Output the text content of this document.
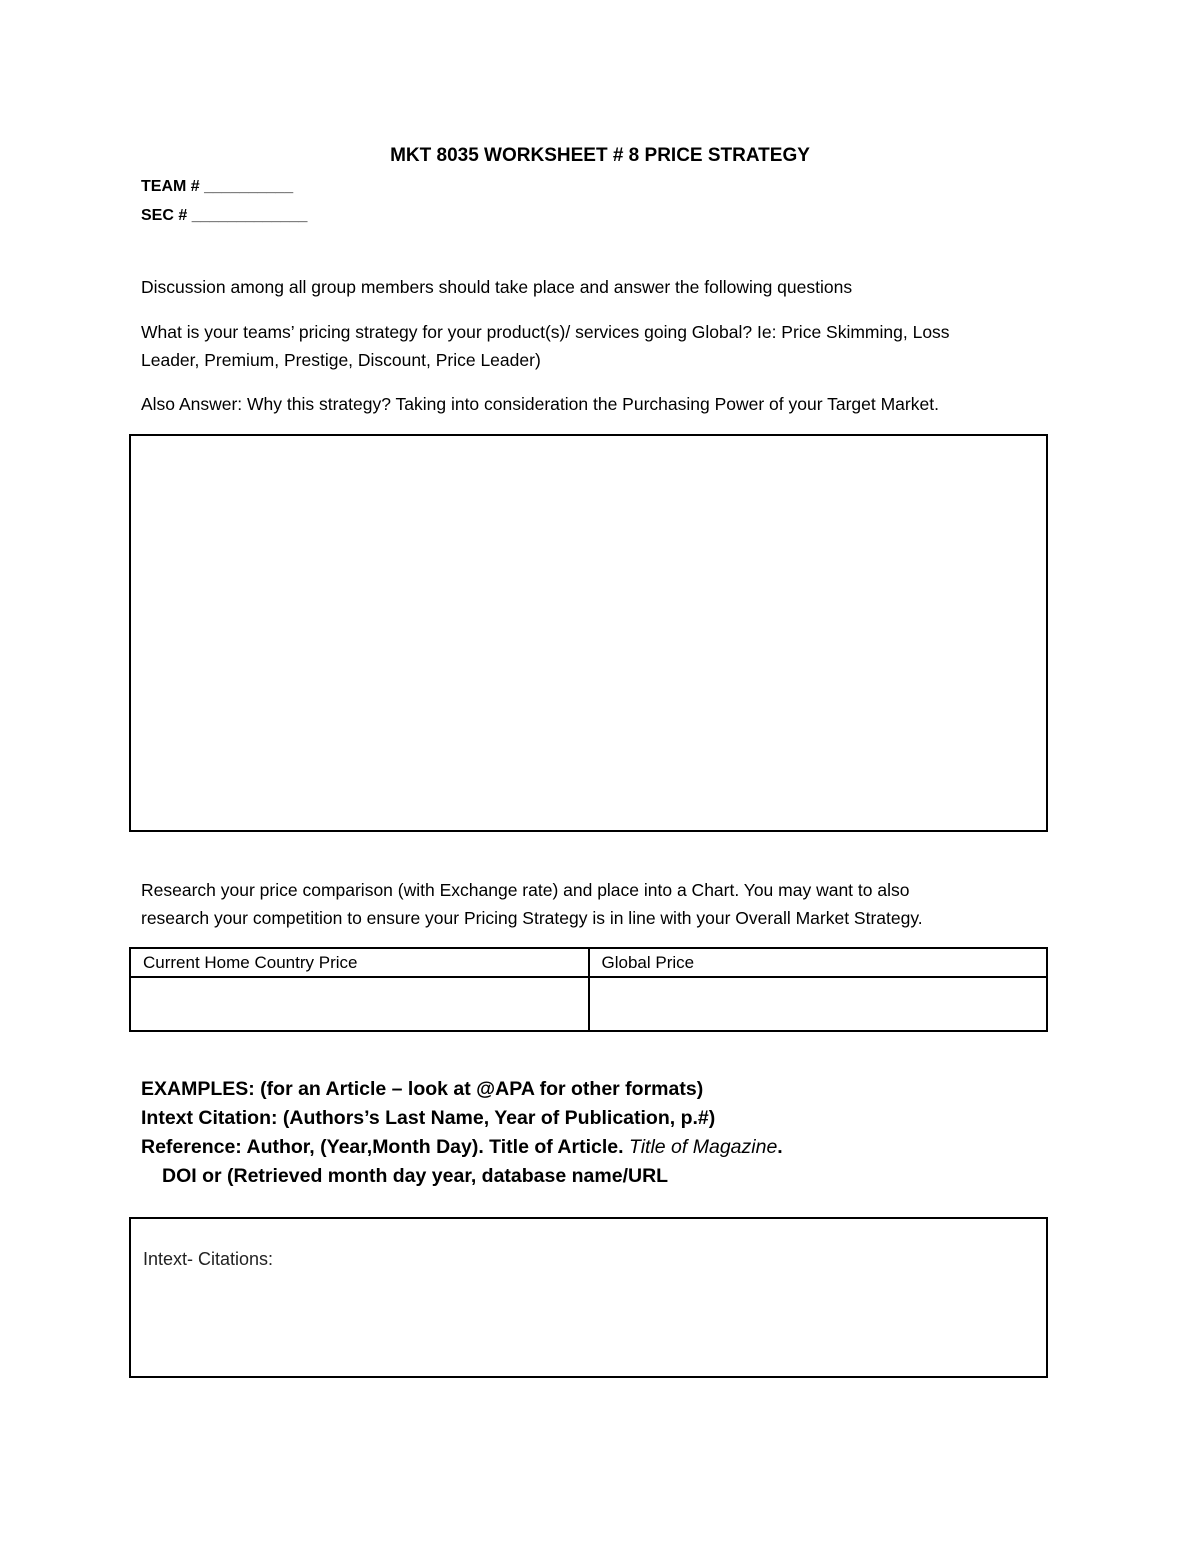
MKT 8035 WORKSHEET # 8 PRICE STRATEGY
TEAM # __________
SEC # _____________
Discussion among all group members should take place and answer the following questions
What is your teams’ pricing strategy for your product(s)/ services going Global? Ie: Price Skimming, Loss
Leader, Premium, Prestige, Discount, Price Leader)
Also Answer: Why this strategy? Taking into consideration the Purchasing Power of your Target Market.
Research your price comparison (with Exchange rate) and place into a Chart. You may want to also
research your competition to ensure your Pricing Strategy is in line with your Overall Market Strategy.
Current Home Country Price	Global Price

EXAMPLES: (for an Article – look at @APA for other formats)
Intext Citation: (Authors’s Last Name, Year of Publication, p.#)
Reference: Author, (Year,Month Day). Title of Article. Title of Magazine.
DOI or (Retrieved month day year, database name/URL
Intext- Citations:
